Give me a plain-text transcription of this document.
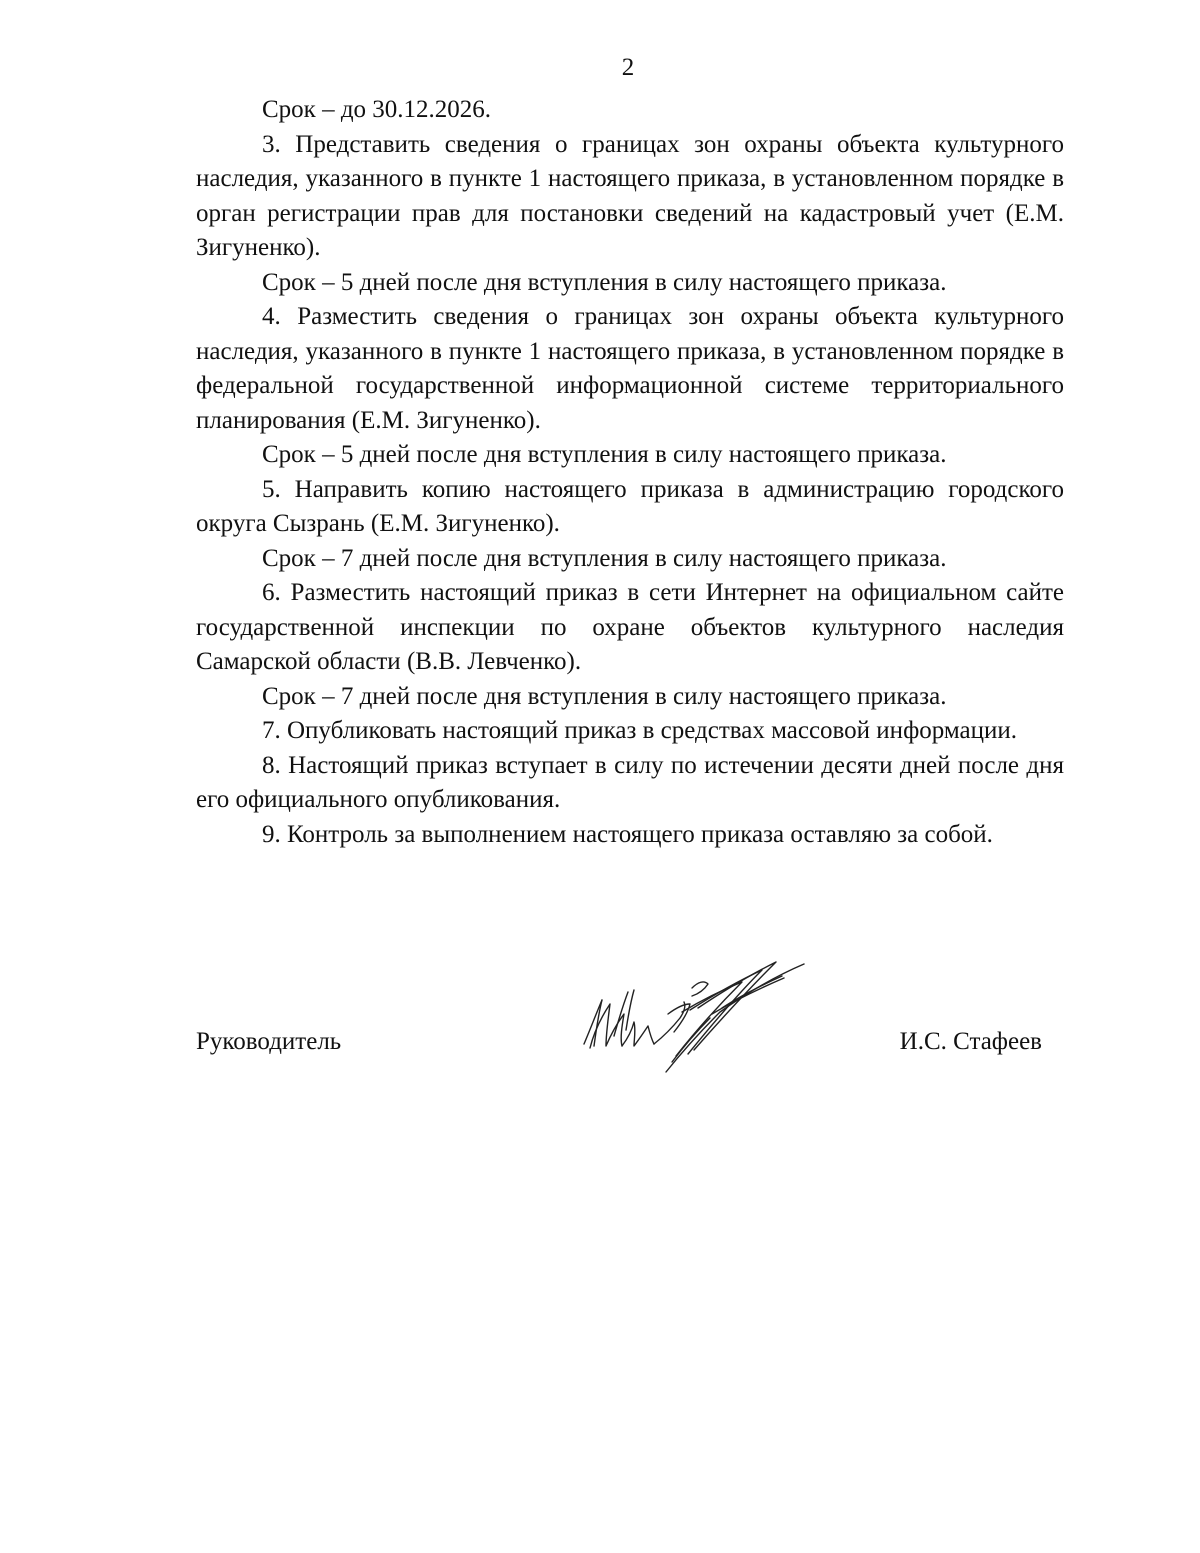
2

Срок – до 30.12.2026.

3. Представить сведения о границах зон охраны объекта культурного наследия, указанного в пункте 1 настоящего приказа, в установленном порядке в орган регистрации прав для постановки сведений на кадастровый учет (Е.М. Зигуненко).

Срок – 5 дней после дня вступления в силу настоящего приказа.

4. Разместить сведения о границах зон охраны объекта культурного наследия, указанного в пункте 1 настоящего приказа, в установленном порядке в федеральной государственной информационной системе территориального планирования (Е.М. Зигуненко).

Срок – 5 дней после дня вступления в силу настоящего приказа.

5. Направить копию настоящего приказа в администрацию городского округа Сызрань (Е.М. Зигуненко).

Срок – 7 дней после дня вступления в силу настоящего приказа.

6. Разместить настоящий приказ в сети Интернет на официальном сайте государственной инспекции по охране объектов культурного наследия Самарской области (В.В. Левченко).

Срок – 7 дней после дня вступления в силу настоящего приказа.

7. Опубликовать настоящий приказ в средствах массовой информации.

8. Настоящий приказ вступает в силу по истечении десяти дней после дня его официального опубликования.

9. Контроль за выполнением настоящего приказа оставляю за собой.

Руководитель	И.С. Стафеев
